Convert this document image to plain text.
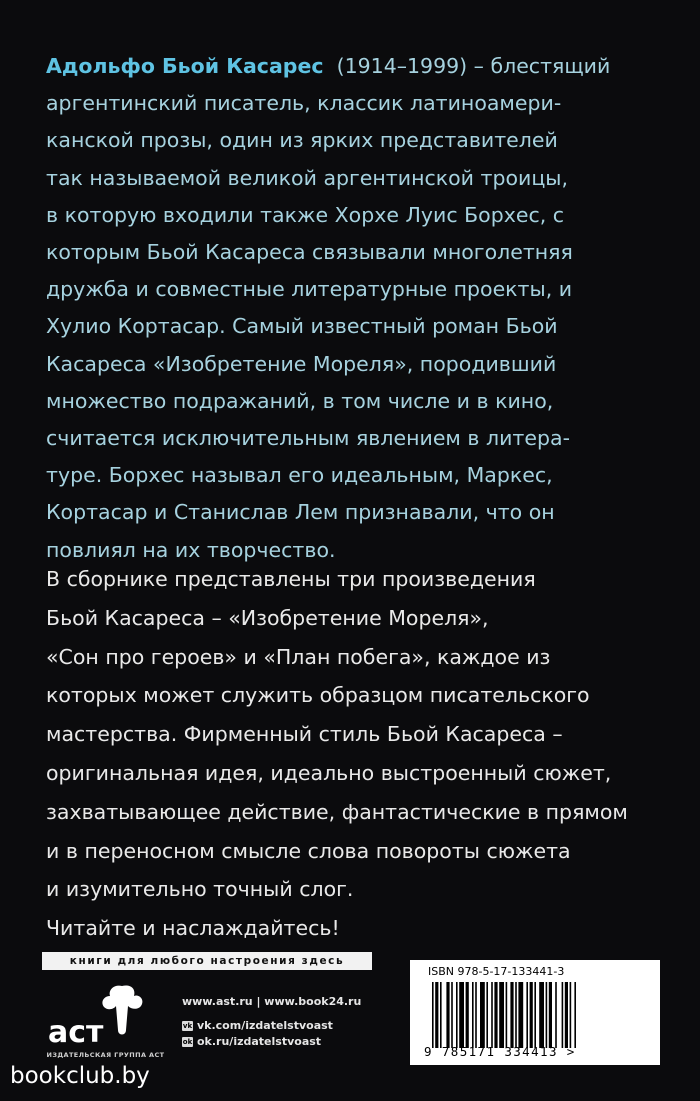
Адольфо Бьой Касарес (1914–1999) – блестящий
аргентинский писатель, классик латиноамери-
канской прозы, один из ярких представителей
так называемой великой аргентинской троицы,
в которую входили также Хорхе Луис Борхес, с
которым Бьой Касареса связывали многолетняя
дружба и совместные литературные проекты, и
Хулио Кортасар. Самый известный роман Бьой
Касареса «Изобретение Мореля», породивший
множество подражаний, в том числе и в кино,
считается исключительным явлением в литера-
туре. Борхес называл его идеальным, Маркес,
Кортасар и Станислав Лем признавали, что он
повлиял на их творчество.

В сборнике представлены три произведения
Бьой Касареса – «Изобретение Мореля»,
«Сон про героев» и «План побега», каждое из
которых может служить образцом писательского
мастерства. Фирменный стиль Бьой Касареса –
оригинальная идея, идеально выстроенный сюжет,
захватывающее действие, фантастические в прямом
и в переносном смысле слова повороты сюжета
и изумительно точный слог.
Читайте и наслаждайтесь!

книги для любого настроения здесь
аст
ИЗДАТЕЛЬСКАЯ ГРУППА АСТ
www.ast.ru | www.book24.ru
vk vk.com/izdatelstvoast
ok ok.ru/izdatelstvoast
ISBN 978-5-17-133441-3
9 785171 334413 >
bookclub.by
